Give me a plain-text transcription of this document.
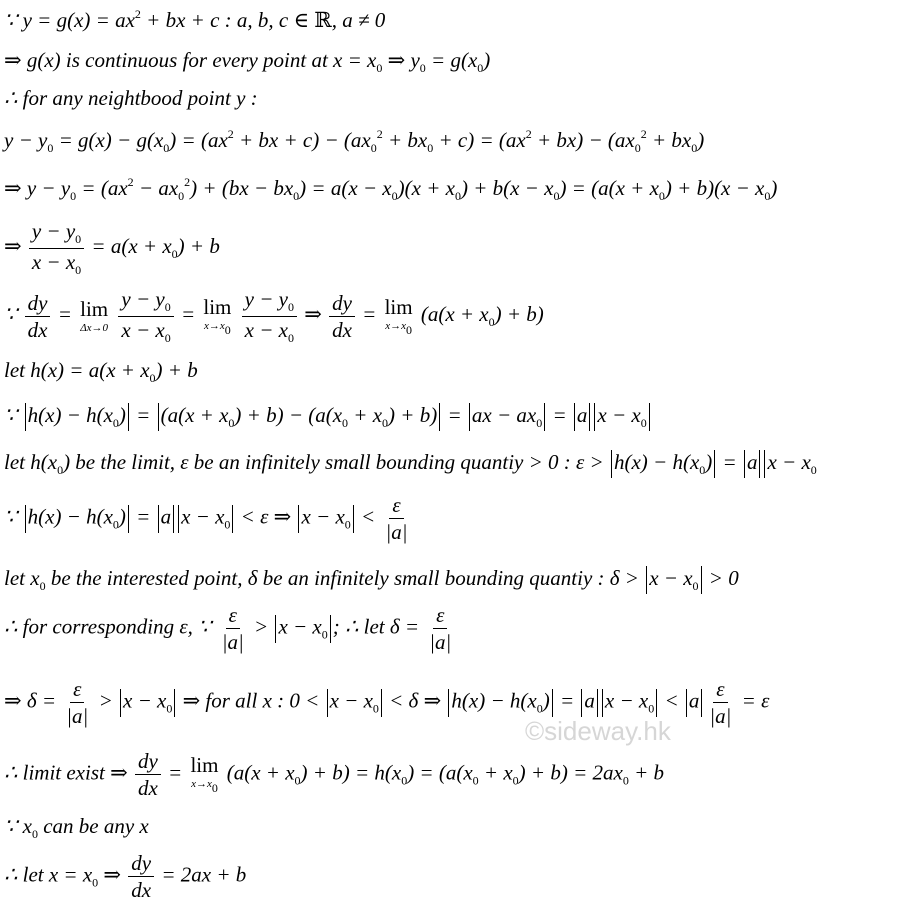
∵ $y = g(x) = ax^2$ + bx + c : a, b, c ∈ ℝ, a ≠ 0
⇒ g(x) is continuous for every point at $x = x_0$ ⇒ $y_0 = g(x_0)$
∴ for any neightbood point y :
$y - y_0 = g(x) - g(x_0) = (ax^2$ + bx + $c) - (ax_0^2 + bx_0 + c) = (ax^2 + bx) - (ax_0^2 + bx_0)$
⇒ $y - y_0 = (ax^2 - ax_0^2) + (bx - bx_0) = a(x - x_0)(x + x_0) + b(x - x_0) = (a(x + x_0) + b)(x - x_0)$
⇒ $\frac{y - y_0}{x - x_0} = a(x + x_0) + b$
∵ $\frac{dy}{dx} = \lim$
Δx→0
$\frac{y - y_0}{x - x_0} = \lim$
$x\to x_0$
$\frac{y - y_0}{x - x_0}$ ⇒ $\frac{dy}{dx} = \lim$
$x\to x_0$
$(a(x + x_0) + b)$
let $h(x) = a(x + x_0) + b$
∵ $h(x) - h(x_0) = (a(x + x_0) + b) - (a(x_0 + x_0) + b)$ = ax − $ax_0 = a$ $x - x_0$
let $h(x_0)$ be the limit, ε be an infinitely small bounding quantiy > 0 : $\varepsilon > h(x) - h(x_0) = a$ $x - x_0$
∵ $h(x) - h(x_0) = a$ $x - x_0 < \varepsilon$ ⇒ $x - x_0 < \frac{\varepsilon}{|a|}$
let $x_0$ be the interested point, δ be an infinitely small bounding quantiy : $\delta > x - x_0 > 0$
∴ for corresponding ε, ∵ $\frac{\varepsilon}{|a|} > x - x_0$ ; ∴ let $\delta = \frac{\varepsilon}{|a|}$
⇒ $\delta = \frac{\varepsilon}{|a|} > x - x_0$ ⇒ for all x : $0 < x - x_0 < \delta$ ⇒ $h(x) - h(x_0) = a$ $x - x_0 < a \frac{\varepsilon}{|a|} = \varepsilon$
∴ limit exist ⇒ $\frac{dy}{dx} = \lim$
$x\to x_0$
$(a(x + x_0) + b) = h(x_0) = (a(x_0 + x_0) + b) = 2ax_0 + b$
∵ $x_0$ can be any x
∴ let $x = x_0$ ⇒ $\frac{dy}{dx} = 2ax + b$
©sideway.hk
